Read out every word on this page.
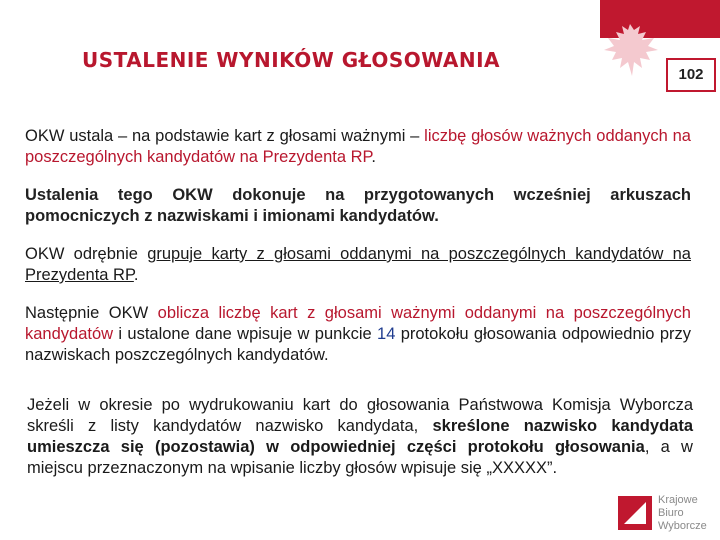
USTALENIE WYNIKÓW GŁOSOWANIA
102
OKW ustala – na podstawie kart z głosami ważnymi – liczbę głosów ważnych oddanych na poszczególnych kandydatów na Prezydenta RP.
Ustalenia tego OKW dokonuje na przygotowanych wcześniej arkuszach pomocniczych z nazwiskami i imionami kandydatów.
OKW odrębnie grupuje karty z głosami oddanymi na poszczególnych kandydatów na Prezydenta RP.
Następnie OKW oblicza liczbę kart z głosami ważnymi oddanymi na poszczególnych kandydatów i ustalone dane wpisuje w punkcie 14 protokołu głosowania odpowiednio przy nazwiskach poszczególnych kandydatów.
Jeżeli w okresie po wydrukowaniu kart do głosowania Państwowa Komisja Wyborcza skreśli z listy kandydatów nazwisko kandydata, skreślone nazwisko kandydata umieszcza się (pozostawia) w odpowiedniej części protokołu głosowania, a w miejscu przeznaczonym na wpisanie liczby głosów wpisuje się „XXXXX”.
Krajowe
Biuro
Wyborcze
